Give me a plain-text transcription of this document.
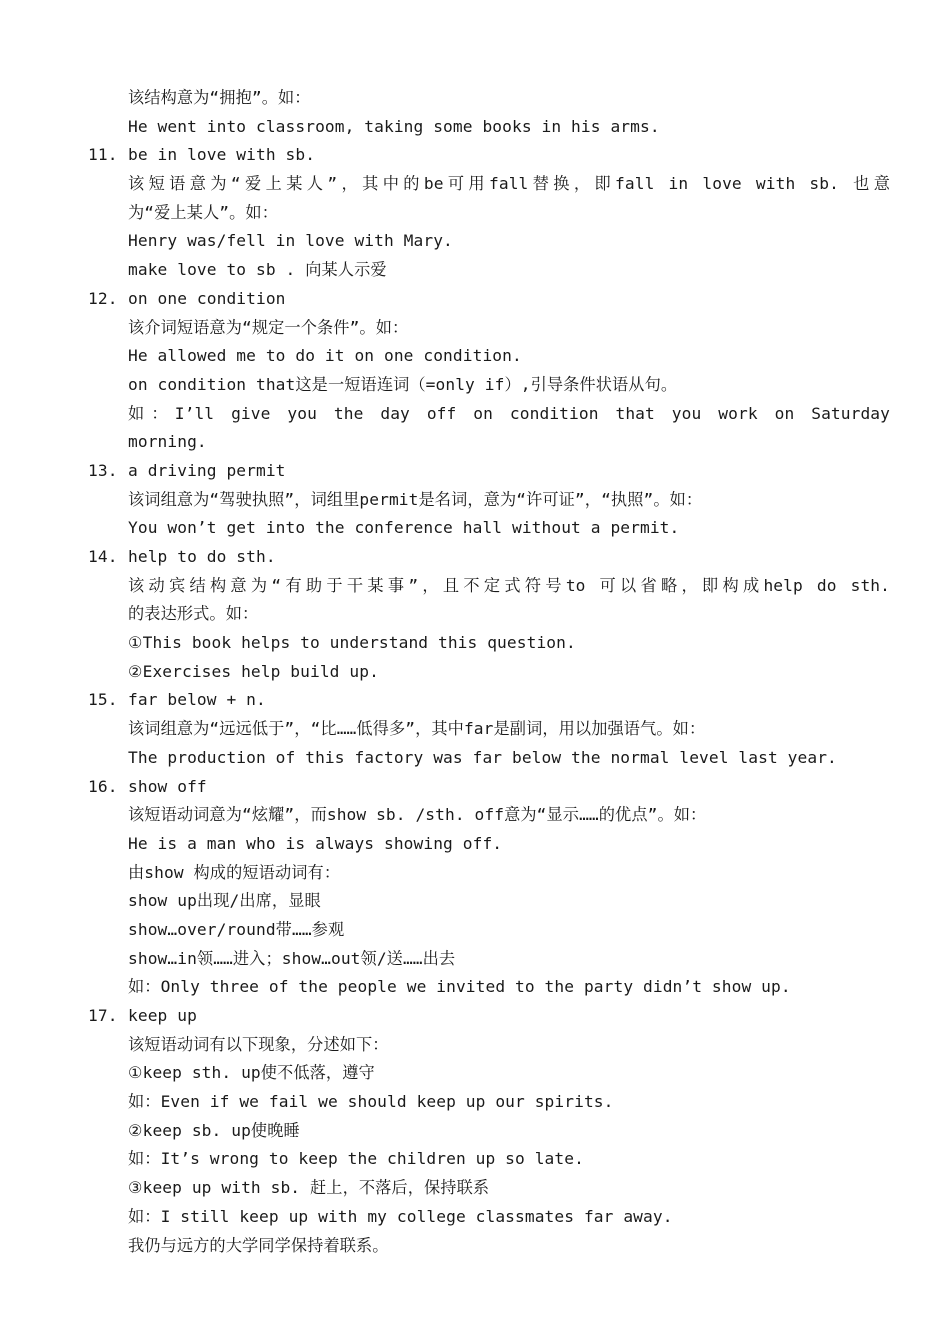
该结构意为“拥抱”。如：
He went into classroom, taking some books in his arms.
11. be in love with sb.
该短语意为“爱上某人”，其中的be可用fall替换，即fall in love with sb. 也意
为“爱上某人”。如：
Henry was/fell in love with Mary.
make love to sb . 向某人示爱
12. on one condition
该介词短语意为“规定一个条件”。如：
He allowed me to do it on one condition.
on condition that这是一短语连词（=only if）,引导条件状语从句。
如：I’ll give you the day off on condition that you work on Saturday
morning.
13. a driving permit
该词组意为“驾驶执照”，词组里permit是名词，意为“许可证”，“执照”。如：
You won’t get into the conference hall without a permit.
14. help to do sth.
该动宾结构意为“有助于干某事”，且不定式符号to 可以省略，即构成help do sth.
的表达形式。如：
①This book helps to understand this question.
②Exercises help build up.
15. far below + n.
该词组意为“远远低于”，“比……低得多”，其中far是副词，用以加强语气。如：
The production of this factory was far below the normal level last year.
16. show off
该短语动词意为“炫耀”，而show sb. /sth. off意为“显示……的优点”。如：
He is a man who is always showing off.
由show 构成的短语动词有：
show up出现/出席，显眼
show…over/round带……参观
show…in领……进入；show…out领/送……出去
如：Only three of the people we invited to the party didn’t show up.
17. keep up
该短语动词有以下现象，分述如下：
①keep sth. up使不低落，遵守
如：Even if we fail we should keep up our spirits.
②keep sb. up使晚睡
如：It’s wrong to keep the children up so late.
③keep up with sb. 赶上，不落后，保持联系
如：I still keep up with my college classmates far away.
我仍与远方的大学同学保持着联系。
